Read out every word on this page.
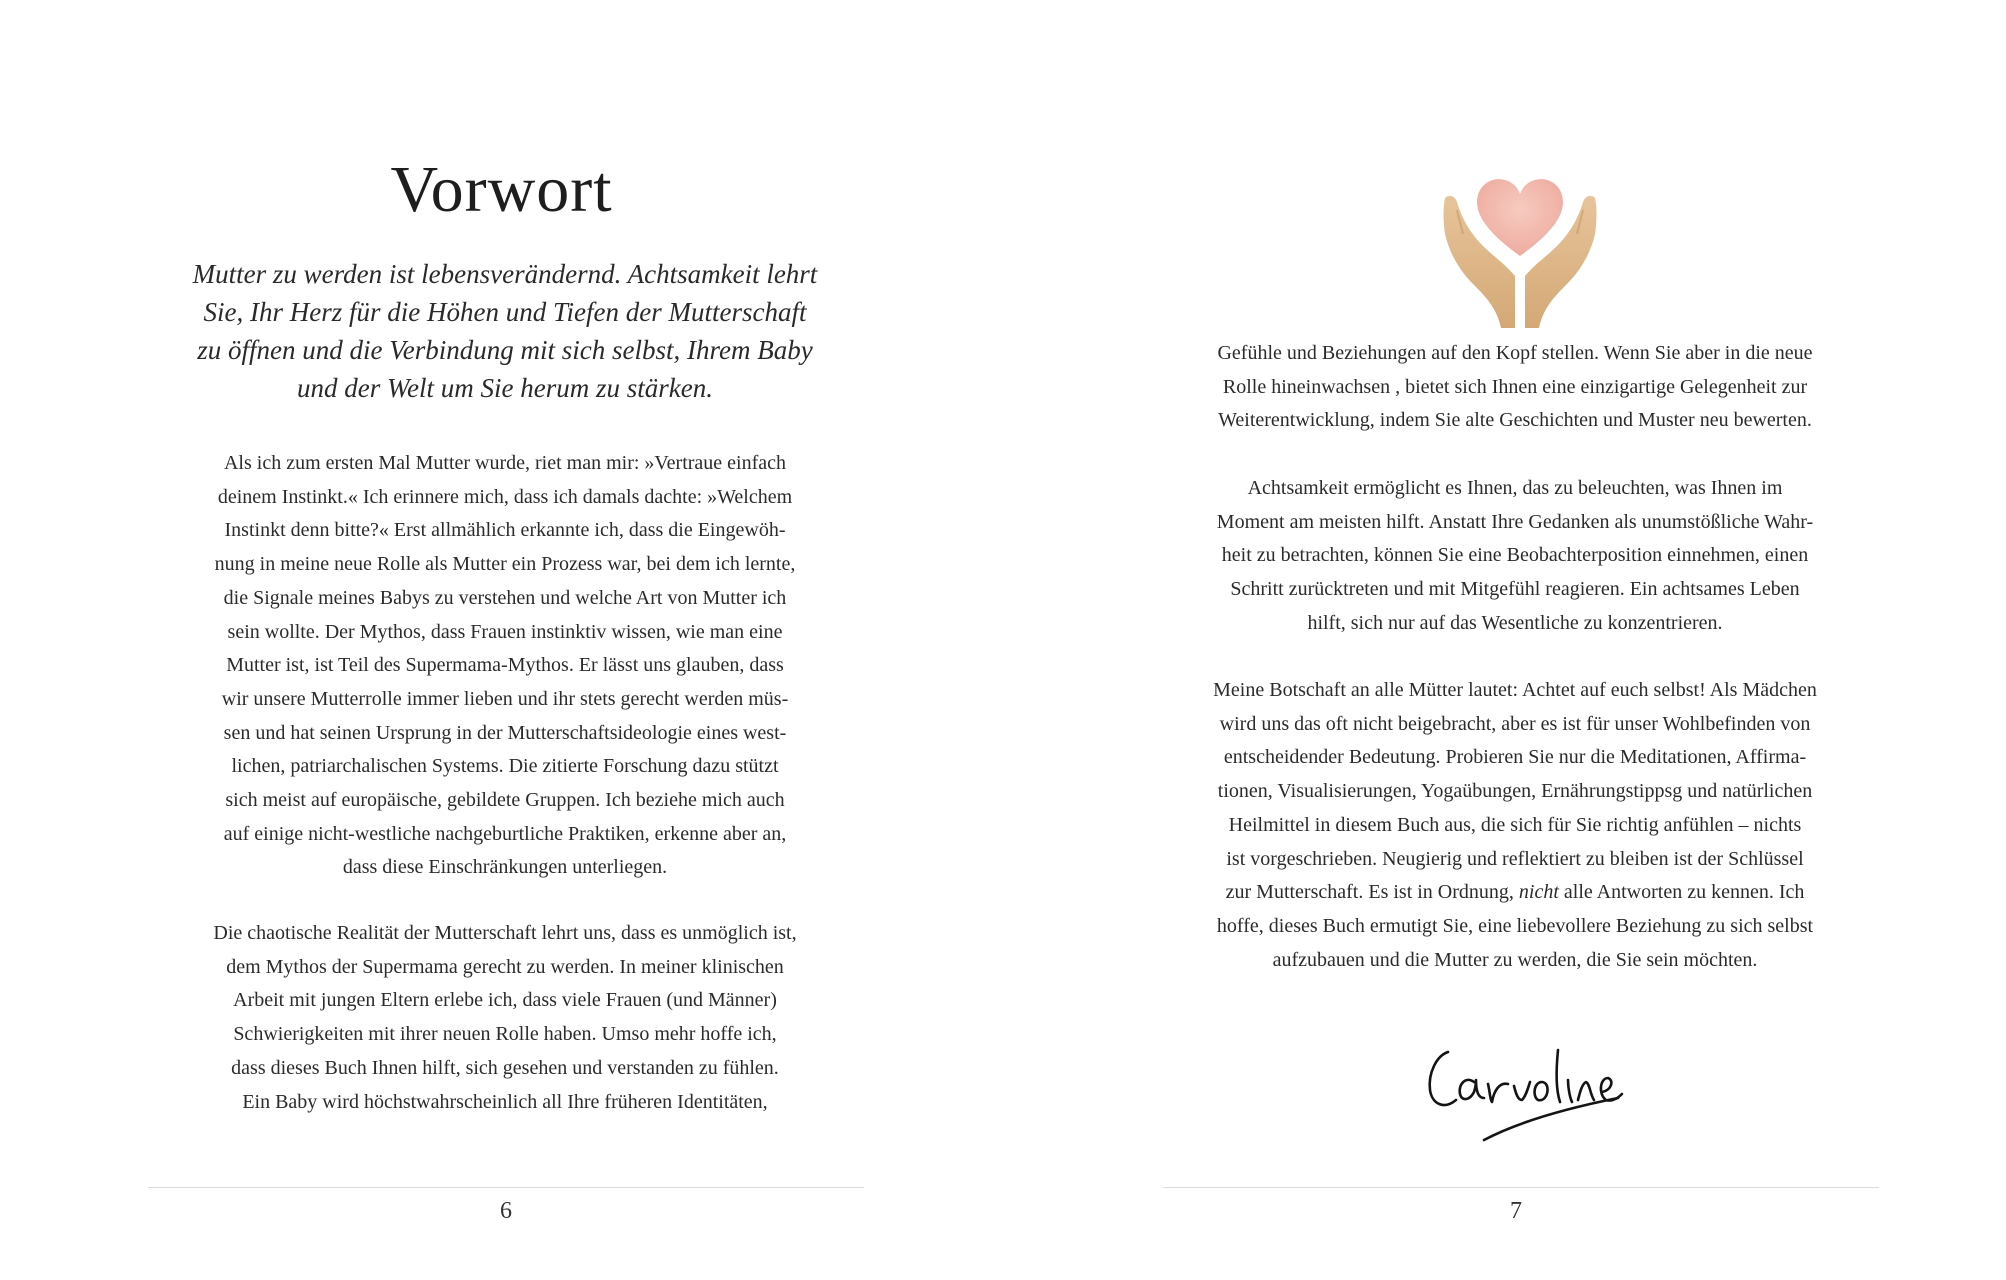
Vorwort

Mutter zu werden ist lebensverändernd. Achtsamkeit lehrt
Sie, Ihr Herz für die Höhen und Tiefen der Mutterschaft
zu öffnen und die Verbindung mit sich selbst, Ihrem Baby
und der Welt um Sie herum zu stärken.

Als ich zum ersten Mal Mutter wurde, riet man mir: »Vertraue einfach
deinem Instinkt.« Ich erinnere mich, dass ich damals dachte: »Welchem
Instinkt denn bitte?« Erst allmählich erkannte ich, dass die Eingewöh-
nung in meine neue Rolle als Mutter ein Prozess war, bei dem ich lernte,
die Signale meines Babys zu verstehen und welche Art von Mutter ich
sein wollte. Der Mythos, dass Frauen instinktiv wissen, wie man eine
Mutter ist, ist Teil des Supermama-Mythos. Er lässt uns glauben, dass
wir unsere Mutterrolle immer lieben und ihr stets gerecht werden müs-
sen und hat seinen Ursprung in der Mutterschaftsideologie eines west-
lichen, patriarchalischen Systems. Die zitierte Forschung dazu stützt
sich meist auf europäische, gebildete Gruppen. Ich beziehe mich auch
auf einige nicht-westliche nachgeburtliche Praktiken, erkenne aber an,
dass diese Einschränkungen unterliegen.

Die chaotische Realität der Mutterschaft lehrt uns, dass es unmöglich ist,
dem Mythos der Supermama gerecht zu werden. In meiner klinischen
Arbeit mit jungen Eltern erlebe ich, dass viele Frauen (und Männer)
Schwierigkeiten mit ihrer neuen Rolle haben. Umso mehr hoffe ich,
dass dieses Buch Ihnen hilft, sich gesehen und verstanden zu fühlen.
Ein Baby wird höchstwahrscheinlich all Ihre früheren Identitäten,

6

Gefühle und Beziehungen auf den Kopf stellen. Wenn Sie aber in die neue
Rolle hineinwachsen , bietet sich Ihnen eine einzigartige Gelegenheit zur
Weiterentwicklung, indem Sie alte Geschichten und Muster neu bewerten.

Achtsamkeit ermöglicht es Ihnen, das zu beleuchten, was Ihnen im
Moment am meisten hilft. Anstatt Ihre Gedanken als unumstößliche Wahr-
heit zu betrachten, können Sie eine Beobachterposition einnehmen, einen
Schritt zurücktreten und mit Mitgefühl reagieren. Ein achtsames Leben
hilft, sich nur auf das Wesentliche zu konzentrieren.

Meine Botschaft an alle Mütter lautet: Achtet auf euch selbst! Als Mädchen
wird uns das oft nicht beigebracht, aber es ist für unser Wohlbefinden von
entscheidender Bedeutung. Probieren Sie nur die Meditationen, Affirma-
tionen, Visualisierungen, Yogaübungen, Ernährungstippsg und natürlichen
Heilmittel in diesem Buch aus, die sich für Sie richtig anfühlen – nichts
ist vorgeschrieben. Neugierig und reflektiert zu bleiben ist der Schlüssel
zur Mutterschaft. Es ist in Ordnung, nicht alle Antworten zu kennen. Ich
hoffe, dieses Buch ermutigt Sie, eine liebevollere Beziehung zu sich selbst
aufzubauen und die Mutter zu werden, die Sie sein möchten.

7
